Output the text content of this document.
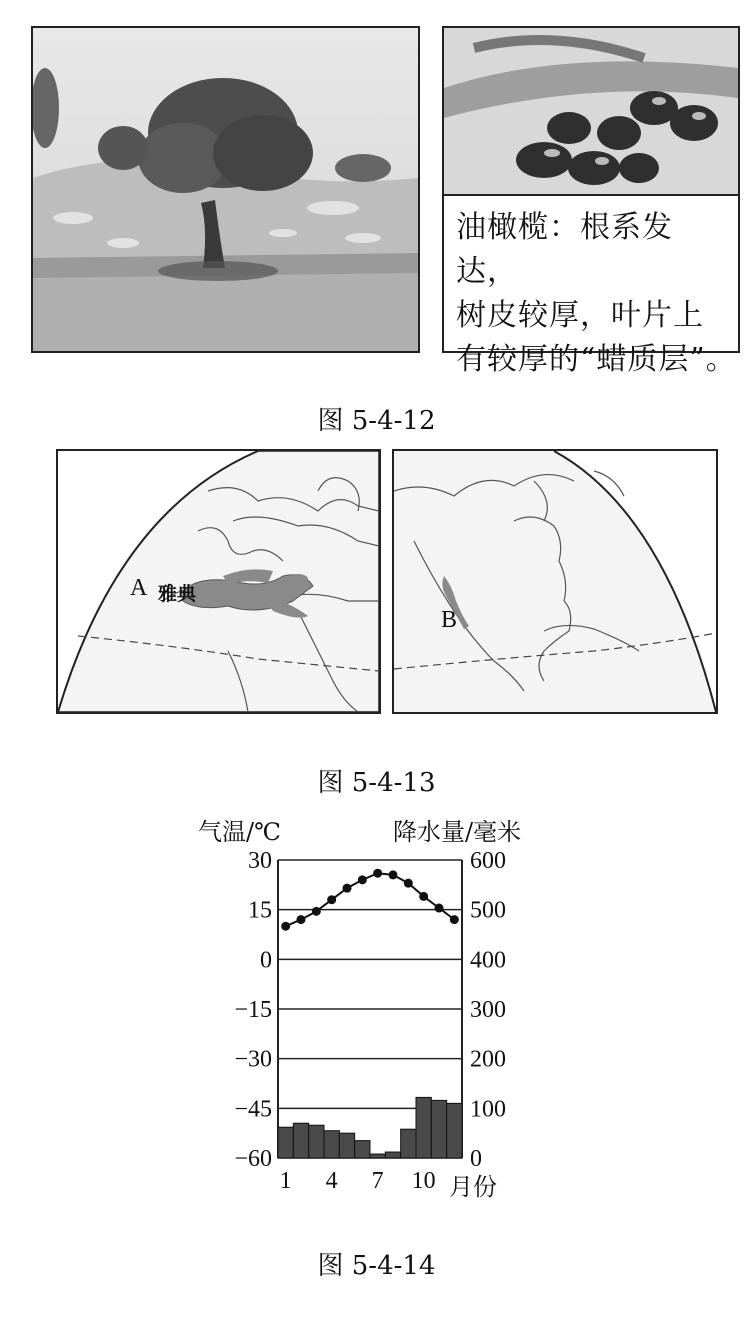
油橄榄：根系发达，
树皮较厚，叶片上
有较厚的“蜡质层”。
图 5-4-12
A 雅典
B
图 5-4-13
气温/℃	降水量/毫米
30
15
0
−15
−30
−45
−60
600
500
400
300
200
100
0
1 4 7 10 月份
图 5-4-14
